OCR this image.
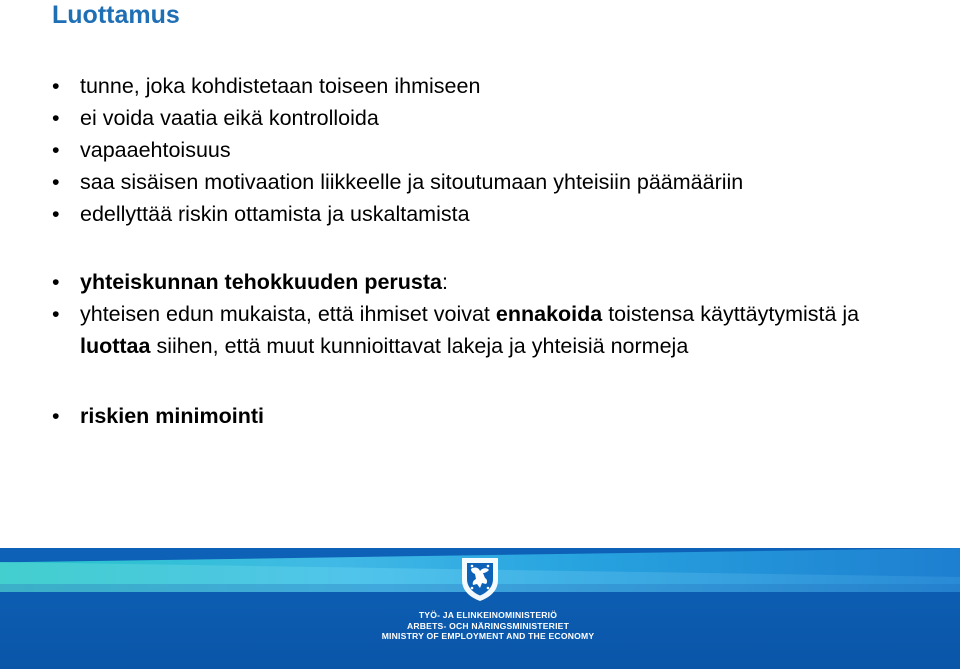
Luottamus
• tunne, joka kohdistetaan toiseen ihmiseen
• ei voida vaatia eikä kontrolloida
• vapaaehtoisuus
• saa sisäisen motivaation liikkeelle ja sitoutumaan yhteisiin päämääriin
• edellyttää riskin ottamista ja uskaltamista
• yhteiskunnan tehokkuuden perusta:
• yhteisen edun mukaista, että ihmiset voivat ennakoida toistensa käyttäytymistä ja luottaa siihen, että muut kunnioittavat lakeja ja yhteisiä normeja
• riskien minimointi
TYÖ- JA ELINKEINOMINISTERIÖ
ARBETS- OCH NÄRINGSMINISTERIET
MINISTRY OF EMPLOYMENT AND THE ECONOMY
